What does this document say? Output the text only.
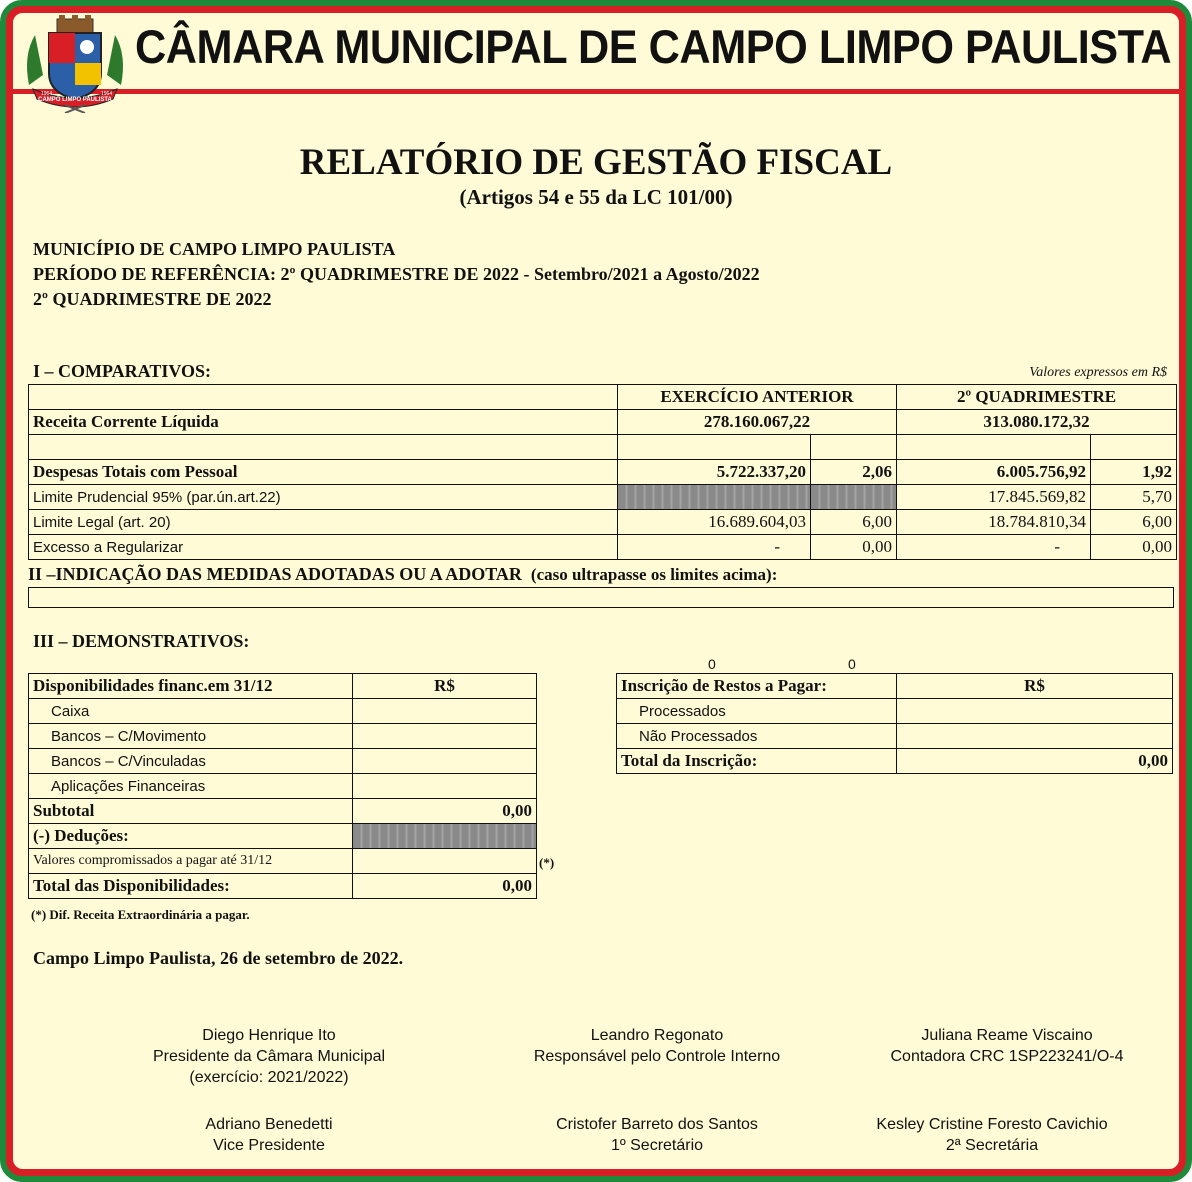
CAMPO LIMPO PAULISTA
1964	1964
CÂMARA MUNICIPAL DE CAMPO LIMPO PAULISTA
RELATÓRIO DE GESTÃO FISCAL
(Artigos 54 e 55 da LC 101/00)
MUNICÍPIO DE CAMPO LIMPO PAULISTA
PERÍODO DE REFERÊNCIA: 2º QUADRIMESTRE DE 2022 - Setembro/2021 a Agosto/2022
2º QUADRIMESTRE DE 2022
I – COMPARATIVOS:	Valores expressos em R$
	EXERCÍCIO ANTERIOR		2º QUADRIMESTRE	
Receita Corrente Líquida	278.160.067,22		313.080.172,32	

Despesas Totais com Pessoal	5.722.337,20	2,06	6.005.756,92	1,92
Limite Prudencial 95% (par.ún.art.22)			17.845.569,82	5,70
Limite Legal (art. 20)	16.689.604,03	6,00	18.784.810,34	6,00
Excesso a Regularizar	-	0,00	-	0,00
II –INDICAÇÃO DAS MEDIDAS ADOTADAS OU A ADOTAR (caso ultrapasse os limites acima):
III – DEMONSTRATIVOS:
0	0
Disponibilidades financ.em 31/12	R$
Caixa	
Bancos – C/Movimento	
Bancos – C/Vinculadas	
Aplicações Financeiras	
Subtotal	0,00
(-) Deduções:	
Valores compromissados a pagar até 31/12	
Total das Disponibilidades:	0,00
(*)
Inscrição de Restos a Pagar:	R$
Processados	
Não Processados	
Total da Inscrição:	0,00
(*) Dif. Receita Extraordinária a pagar.
Campo Limpo Paulista, 26 de setembro de 2022.
Diego Henrique Ito
Presidente da Câmara Municipal
(exercício: 2021/2022)
Leandro Regonato
Responsável pelo Controle Interno
Juliana Reame Viscaino
Contadora CRC 1SP223241/O-4
Adriano Benedetti
Vice Presidente
Cristofer Barreto dos Santos
1º Secretário
Kesley Cristine Foresto Cavichio
2ª Secretária
